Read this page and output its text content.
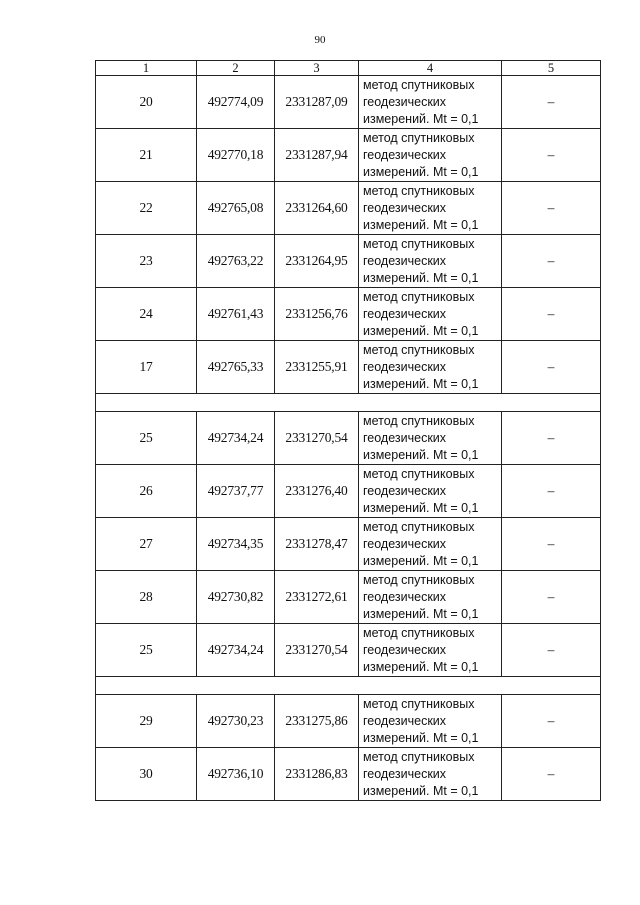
90
1	2	3	4	5
20	492774,09	2331287,09	метод спутниковых
геодезических
измерений. Mt = 0,1	–
21	492770,18	2331287,94	метод спутниковых
геодезических
измерений. Mt = 0,1	–
22	492765,08	2331264,60	метод спутниковых
геодезических
измерений. Mt = 0,1	–
23	492763,22	2331264,95	метод спутниковых
геодезических
измерений. Mt = 0,1	–
24	492761,43	2331256,76	метод спутниковых
геодезических
измерений. Mt = 0,1	–
17	492765,33	2331255,91	метод спутниковых
геодезических
измерений. Mt = 0,1	–

25	492734,24	2331270,54	метод спутниковых
геодезических
измерений. Mt = 0,1	–
26	492737,77	2331276,40	метод спутниковых
геодезических
измерений. Mt = 0,1	–
27	492734,35	2331278,47	метод спутниковых
геодезических
измерений. Mt = 0,1	–
28	492730,82	2331272,61	метод спутниковых
геодезических
измерений. Mt = 0,1	–
25	492734,24	2331270,54	метод спутниковых
геодезических
измерений. Mt = 0,1	–

29	492730,23	2331275,86	метод спутниковых
геодезических
измерений. Mt = 0,1	–
30	492736,10	2331286,83	метод спутниковых
геодезических
измерений. Mt = 0,1	–
